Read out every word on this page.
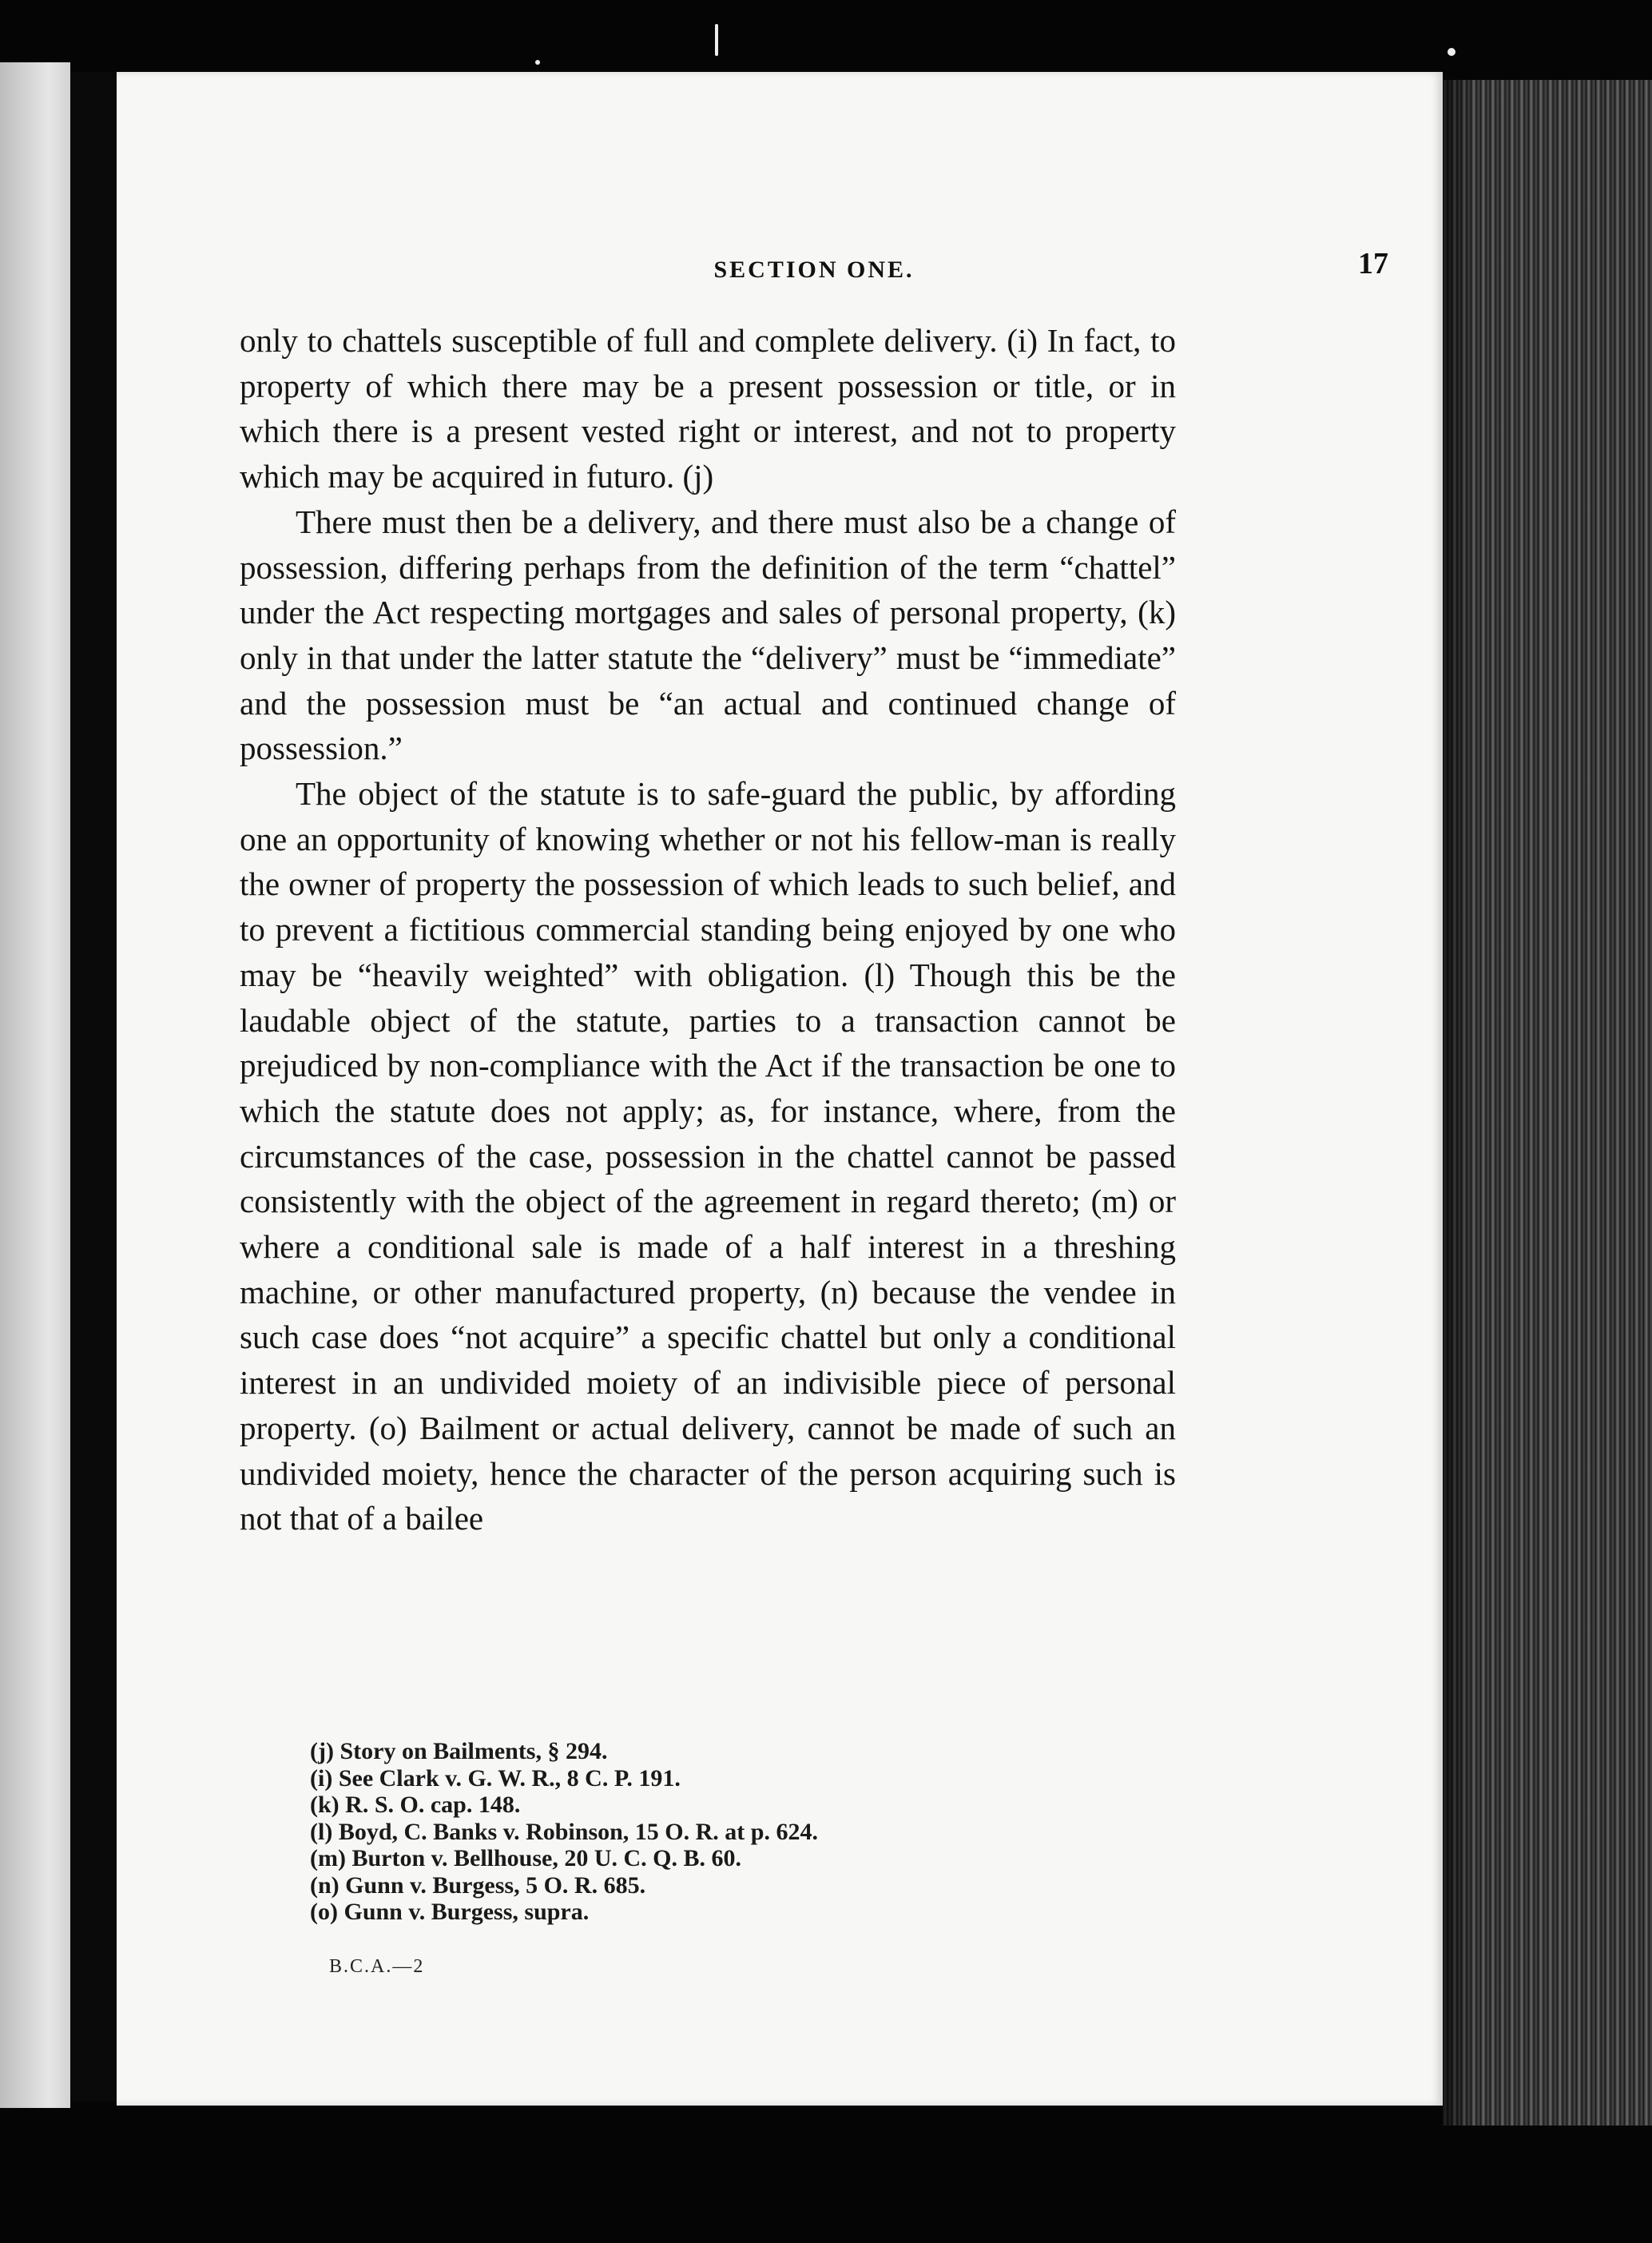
SECTION ONE.	17

only to chattels susceptible of full and complete delivery. (i) In fact, to property of which there may be a present possession or title, or in which there is a present vested right or interest, and not to property which may be acquired in futuro. (j)

There must then be a delivery, and there must also be a change of possession, differing perhaps from the definition of the term “chattel” under the Act respecting mortgages and sales of personal property, (k) only in that under the latter statute the “delivery” must be “immediate” and the possession must be “an actual and continued change of possession.”

The object of the statute is to safe-guard the public, by affording one an opportunity of knowing whether or not his fellow-man is really the owner of property the possession of which leads to such belief, and to prevent a fictitious commercial standing being enjoyed by one who may be “heavily weighted” with obligation. (l) Though this be the laudable object of the statute, parties to a transaction cannot be prejudiced by non-compliance with the Act if the transaction be one to which the statute does not apply; as, for instance, where, from the circumstances of the case, possession in the chattel cannot be passed consistently with the object of the agreement in regard thereto; (m) or where a conditional sale is made of a half interest in a threshing machine, or other manufactured property, (n) because the vendee in such case does “not acquire” a specific chattel but only a conditional interest in an undivided moiety of an indivisible piece of personal property. (o) Bailment or actual delivery, cannot be made of such an undivided moiety, hence the character of the person acquiring such is not that of a bailee

(j) Story on Bailments, § 294.
(i) See Clark v. G. W. R., 8 C. P. 191.
(k) R. S. O. cap. 148.
(l) Boyd, C. Banks v. Robinson, 15 O. R. at p. 624.
(m) Burton v. Bellhouse, 20 U. C. Q. B. 60.
(n) Gunn v. Burgess, 5 O. R. 685.
(o) Gunn v. Burgess, supra.
B.C.A.—2
